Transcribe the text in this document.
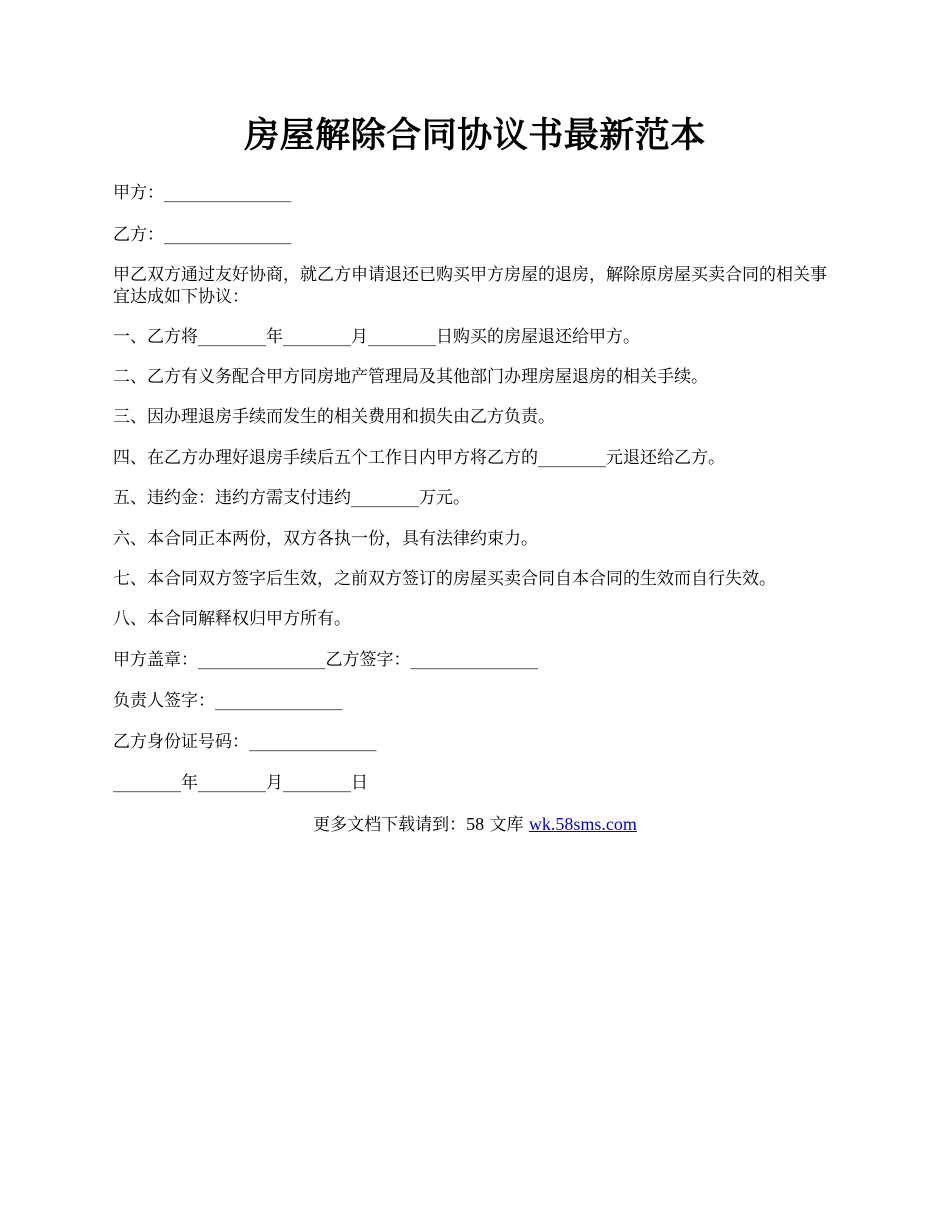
房屋解除合同协议书最新范本
甲方：_______________
乙方：_______________
甲乙双方通过友好协商，就乙方申请退还已购买甲方房屋的退房，解除原房屋买卖合同的相关事宜达成如下协议：
一、乙方将________年________月________日购买的房屋退还给甲方。
二、乙方有义务配合甲方同房地产管理局及其他部门办理房屋退房的相关手续。
三、因办理退房手续而发生的相关费用和损失由乙方负责。
四、在乙方办理好退房手续后五个工作日内甲方将乙方的________元退还给乙方。
五、违约金：违约方需支付违约________万元。
六、本合同正本两份，双方各执一份，具有法律约束力。
七、本合同双方签字后生效，之前双方签订的房屋买卖合同自本合同的生效而自行失效。
八、本合同解释权归甲方所有。
甲方盖章：_______________乙方签字：_______________
负责人签字：_______________
乙方身份证号码：_______________
________年________月________日
更多文档下载请到：58 文库 wk.58sms.com
